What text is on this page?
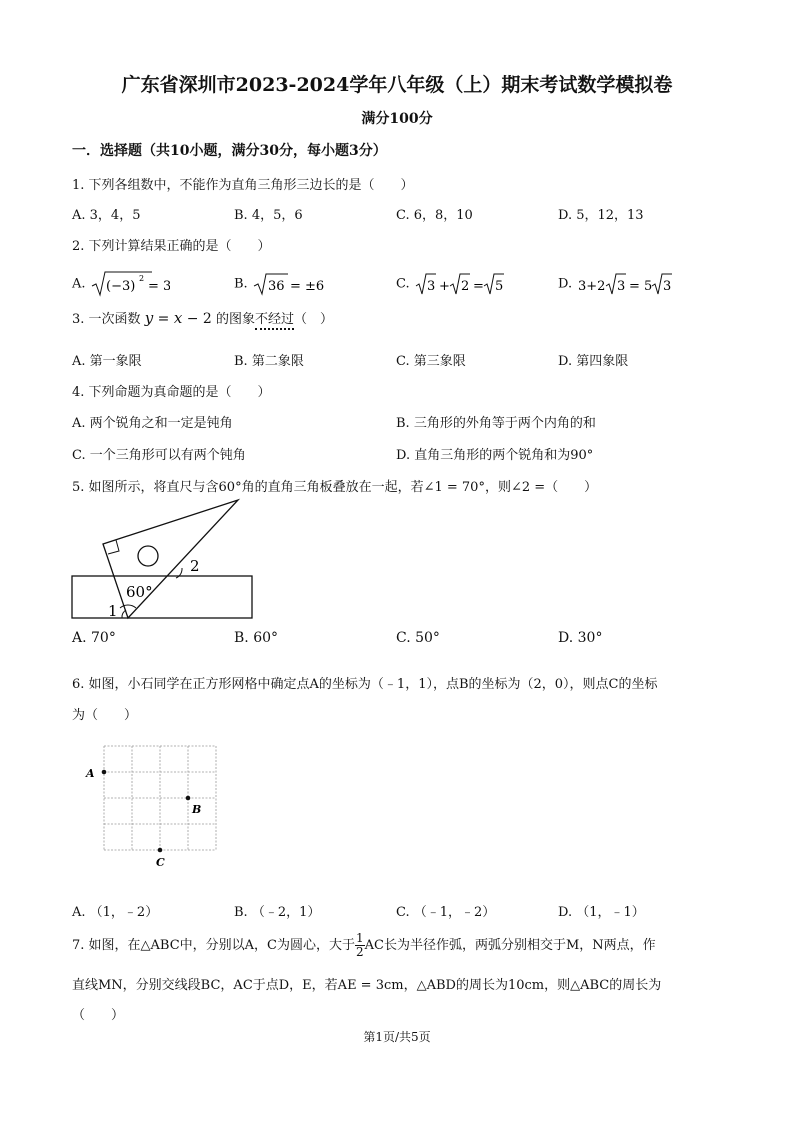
广东省深圳市2023-2024学年八年级（上）期末考试数学模拟卷
满分100分
一．选择题（共10小题，满分30分，每小题3分）
1. 下列各组数中，不能作为直角三角形三边长的是（　　）
A. 3，4，5	B. 4，5，6	C. 6，8，10	D. 5，12，13
2. 下列计算结果正确的是（　　）
A. (−3)
2
= 3	B. 36 = ±6	C. 3 + 2 = 5	D. 3+2 3 = 5 3
3. 一次函数 y = x − 2 的图象不经过（　）
A. 第一象限	B. 第二象限	C. 第三象限	D. 第四象限
4. 下列命题为真命题的是（　　）
A. 两个锐角之和一定是钝角	B. 三角形的外角等于两个内角的和
C. 一个三角形可以有两个钝角	D. 直角三角形的两个锐角和为90°
5. 如图所示，将直尺与含60°角的直角三角板叠放在一起，若∠1 = 70°，则∠2 =（　　）
60°
1
2
A. 70°	B. 60°	C. 50°	D. 30°
6. 如图，小石同学在正方形网格中确定点A的坐标为（﹣1，1），点B的坐标为（2，0），则点C的坐标
为（　　）
A
B
C
A. （1，﹣2）	B. （﹣2，1）	C. （﹣1，﹣2）	D. （1，﹣1）
7. 如图，在△ABC中，分别以A，C为圆心，大于 $\frac{1}{2}$ AC长为半径作弧，两弧分别相交于M，N两点，作
直线MN，分别交线段BC，AC于点D，E，若AE = 3cm，△ABD的周长为10cm，则△ABC的周长为
（　　）
第1页/共5页
